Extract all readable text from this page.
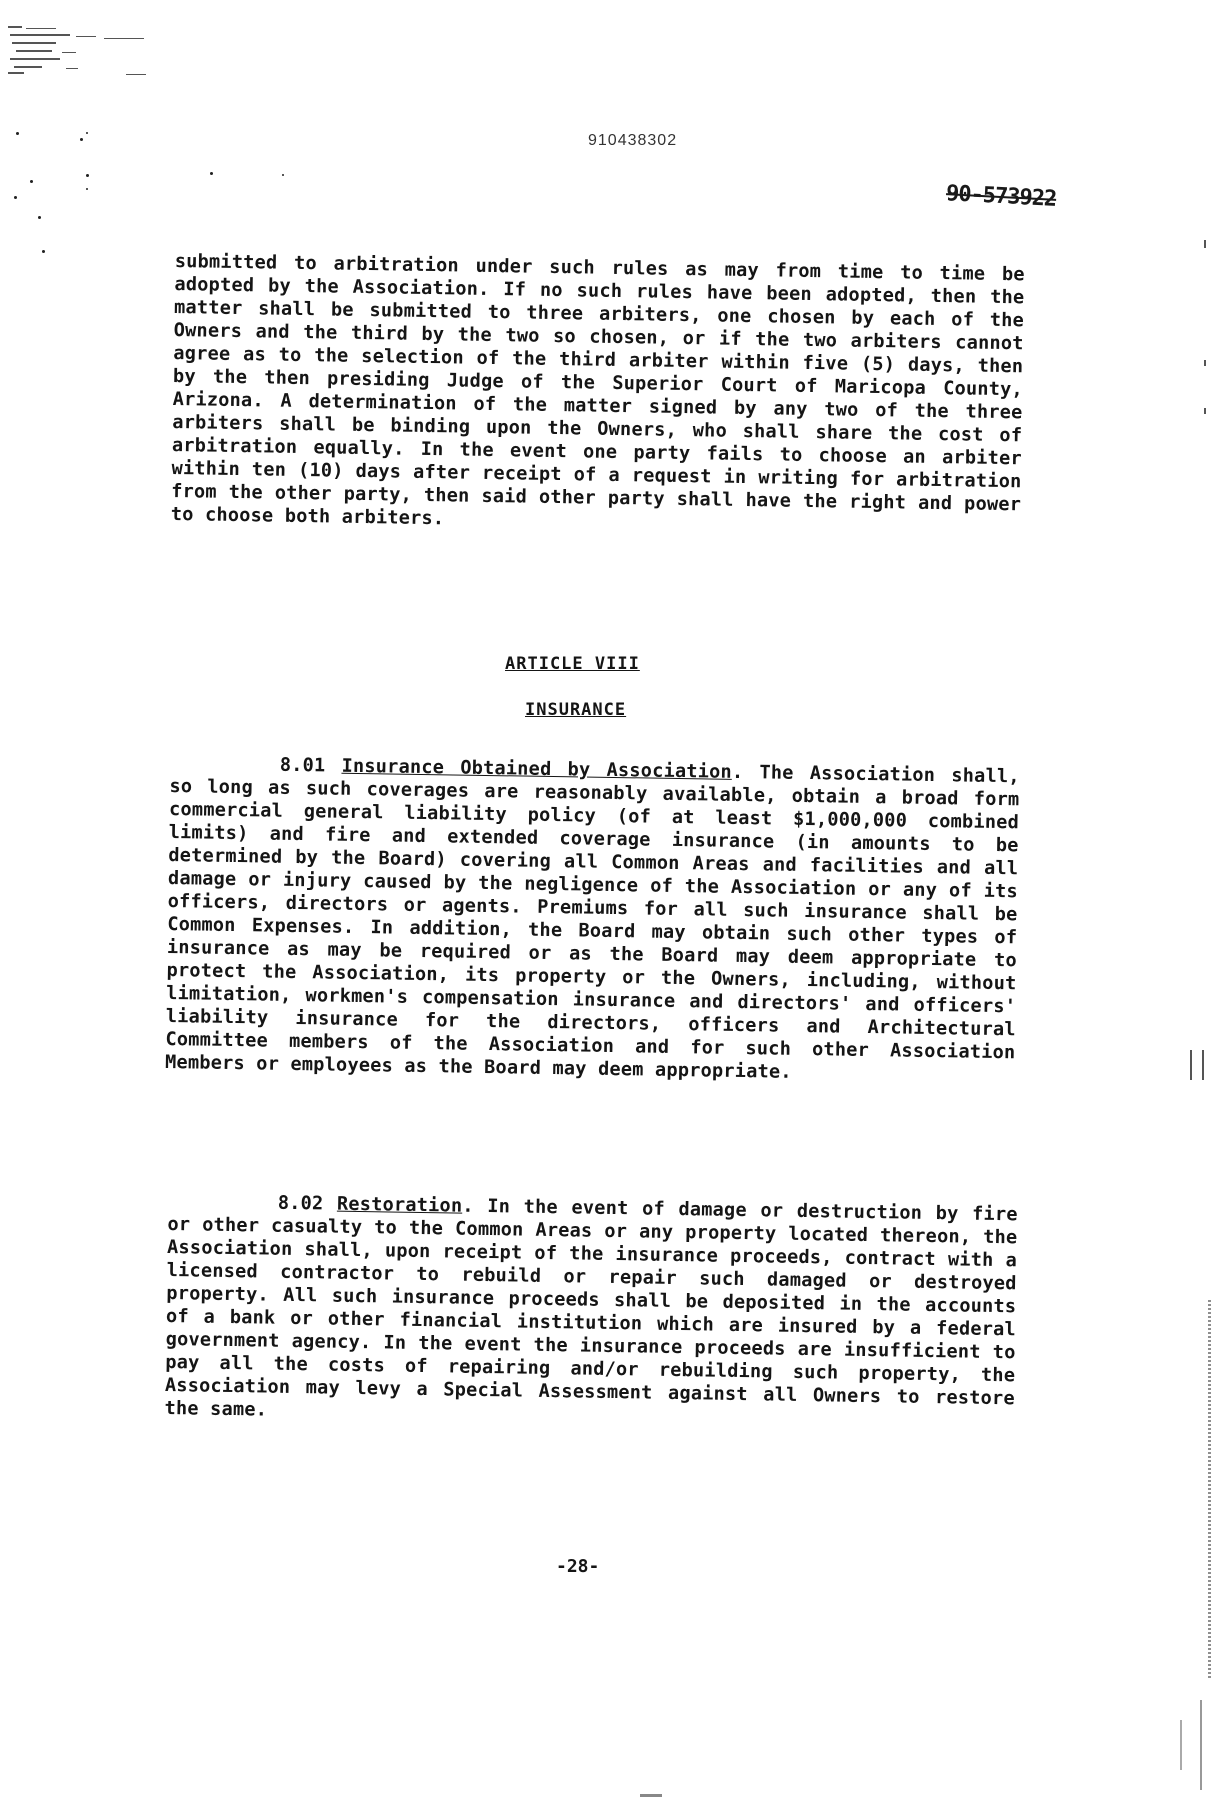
910438302
90-573922
submitted to arbitration under such rules as may from time to time be adopted by the Association. If no such rules have been adopted, then the matter shall be submitted to three arbiters, one chosen by each of the Owners and the third by the two so chosen, or if the two arbiters cannot agree as to the selection of the third arbiter within five (5) days, then by the then presiding Judge of the Superior Court of Maricopa County, Arizona. A determination of the matter signed by any two of the three arbiters shall be binding upon the Owners, who shall share the cost of arbitration equally. In the event one party fails to choose an arbiter within ten (10) days after receipt of a request in writing for arbitration from the other party, then said other party shall have the right and power to choose both arbiters.
ARTICLE VIII
INSURANCE
8.01 Insurance Obtained by Association. The Association shall, so long as such coverages are reasonably available, obtain a broad form commercial general liability policy (of at least $1,000,000 combined limits) and fire and extended coverage insurance (in amounts to be determined by the Board) covering all Common Areas and facilities and all damage or injury caused by the negligence of the Association or any of its officers, directors or agents. Premiums for all such insurance shall be Common Expenses. In addition, the Board may obtain such other types of insurance as may be required or as the Board may deem appropriate to protect the Association, its property or the Owners, including, without limitation, workmen's compensation insurance and directors' and officers' liability insurance for the directors, officers and Architectural Committee members of the Association and for such other Association Members or employees as the Board may deem appropriate.
8.02 Restoration. In the event of damage or destruction by fire or other casualty to the Common Areas or any property located thereon, the Association shall, upon receipt of the insurance proceeds, contract with a licensed contractor to rebuild or repair such damaged or destroyed property. All such insurance proceeds shall be deposited in the accounts of a bank or other financial institution which are insured by a federal government agency. In the event the insurance proceeds are insufficient to pay all the costs of repairing and/or rebuilding such property, the Association may levy a Special Assessment against all Owners to restore the same.
-28-
